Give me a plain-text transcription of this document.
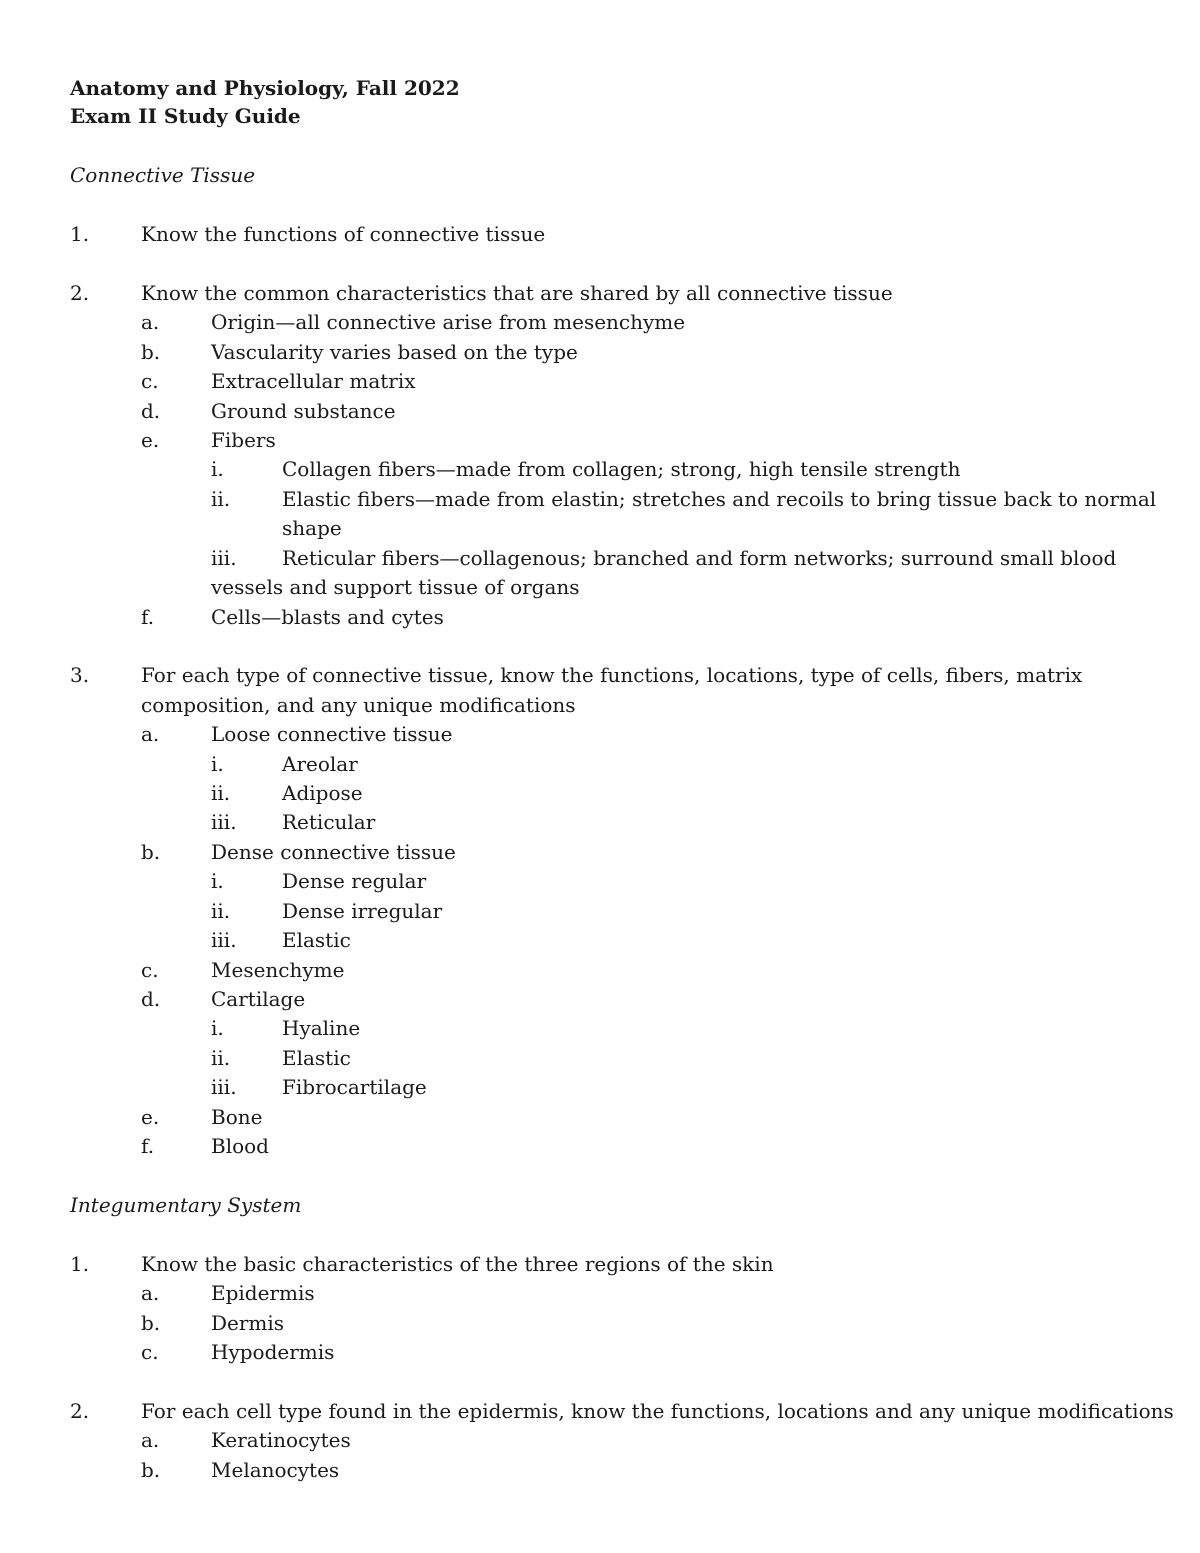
Anatomy and Physiology, Fall 2022
Exam II Study Guide
Connective Tissue
1.	Know the functions of connective tissue
2.	Know the common characteristics that are shared by all connective tissue
a.	Origin—all connective arise from mesenchyme
b.	Vascularity varies based on the type
c.	Extracellular matrix
d.	Ground substance
e.	Fibers
i.	Collagen fibers—made from collagen; strong, high tensile strength
ii.	Elastic fibers—made from elastin; stretches and recoils to bring tissue back to normal
shape
iii. Reticular fibers—collagenous; branched and form networks; surround small blood
vessels and support tissue of organs
f.	Cells—blasts and cytes
3.	For each type of connective tissue, know the functions, locations, type of cells, fibers, matrix
composition, and any unique modifications
a.	Loose connective tissue
i.	Areolar
ii.	Adipose
iii. Reticular
b.	Dense connective tissue
i.	Dense regular
ii.	Dense irregular
iii. Elastic
c.	Mesenchyme
d.	Cartilage
i.	Hyaline
ii.	Elastic
iii. Fibrocartilage
e.	Bone
f.	Blood
Integumentary System
1.	Know the basic characteristics of the three regions of the skin
a.	Epidermis
b.	Dermis
c.	Hypodermis
2.	For each cell type found in the epidermis, know the functions, locations and any unique modifications
a.	Keratinocytes
b.	Melanocytes
